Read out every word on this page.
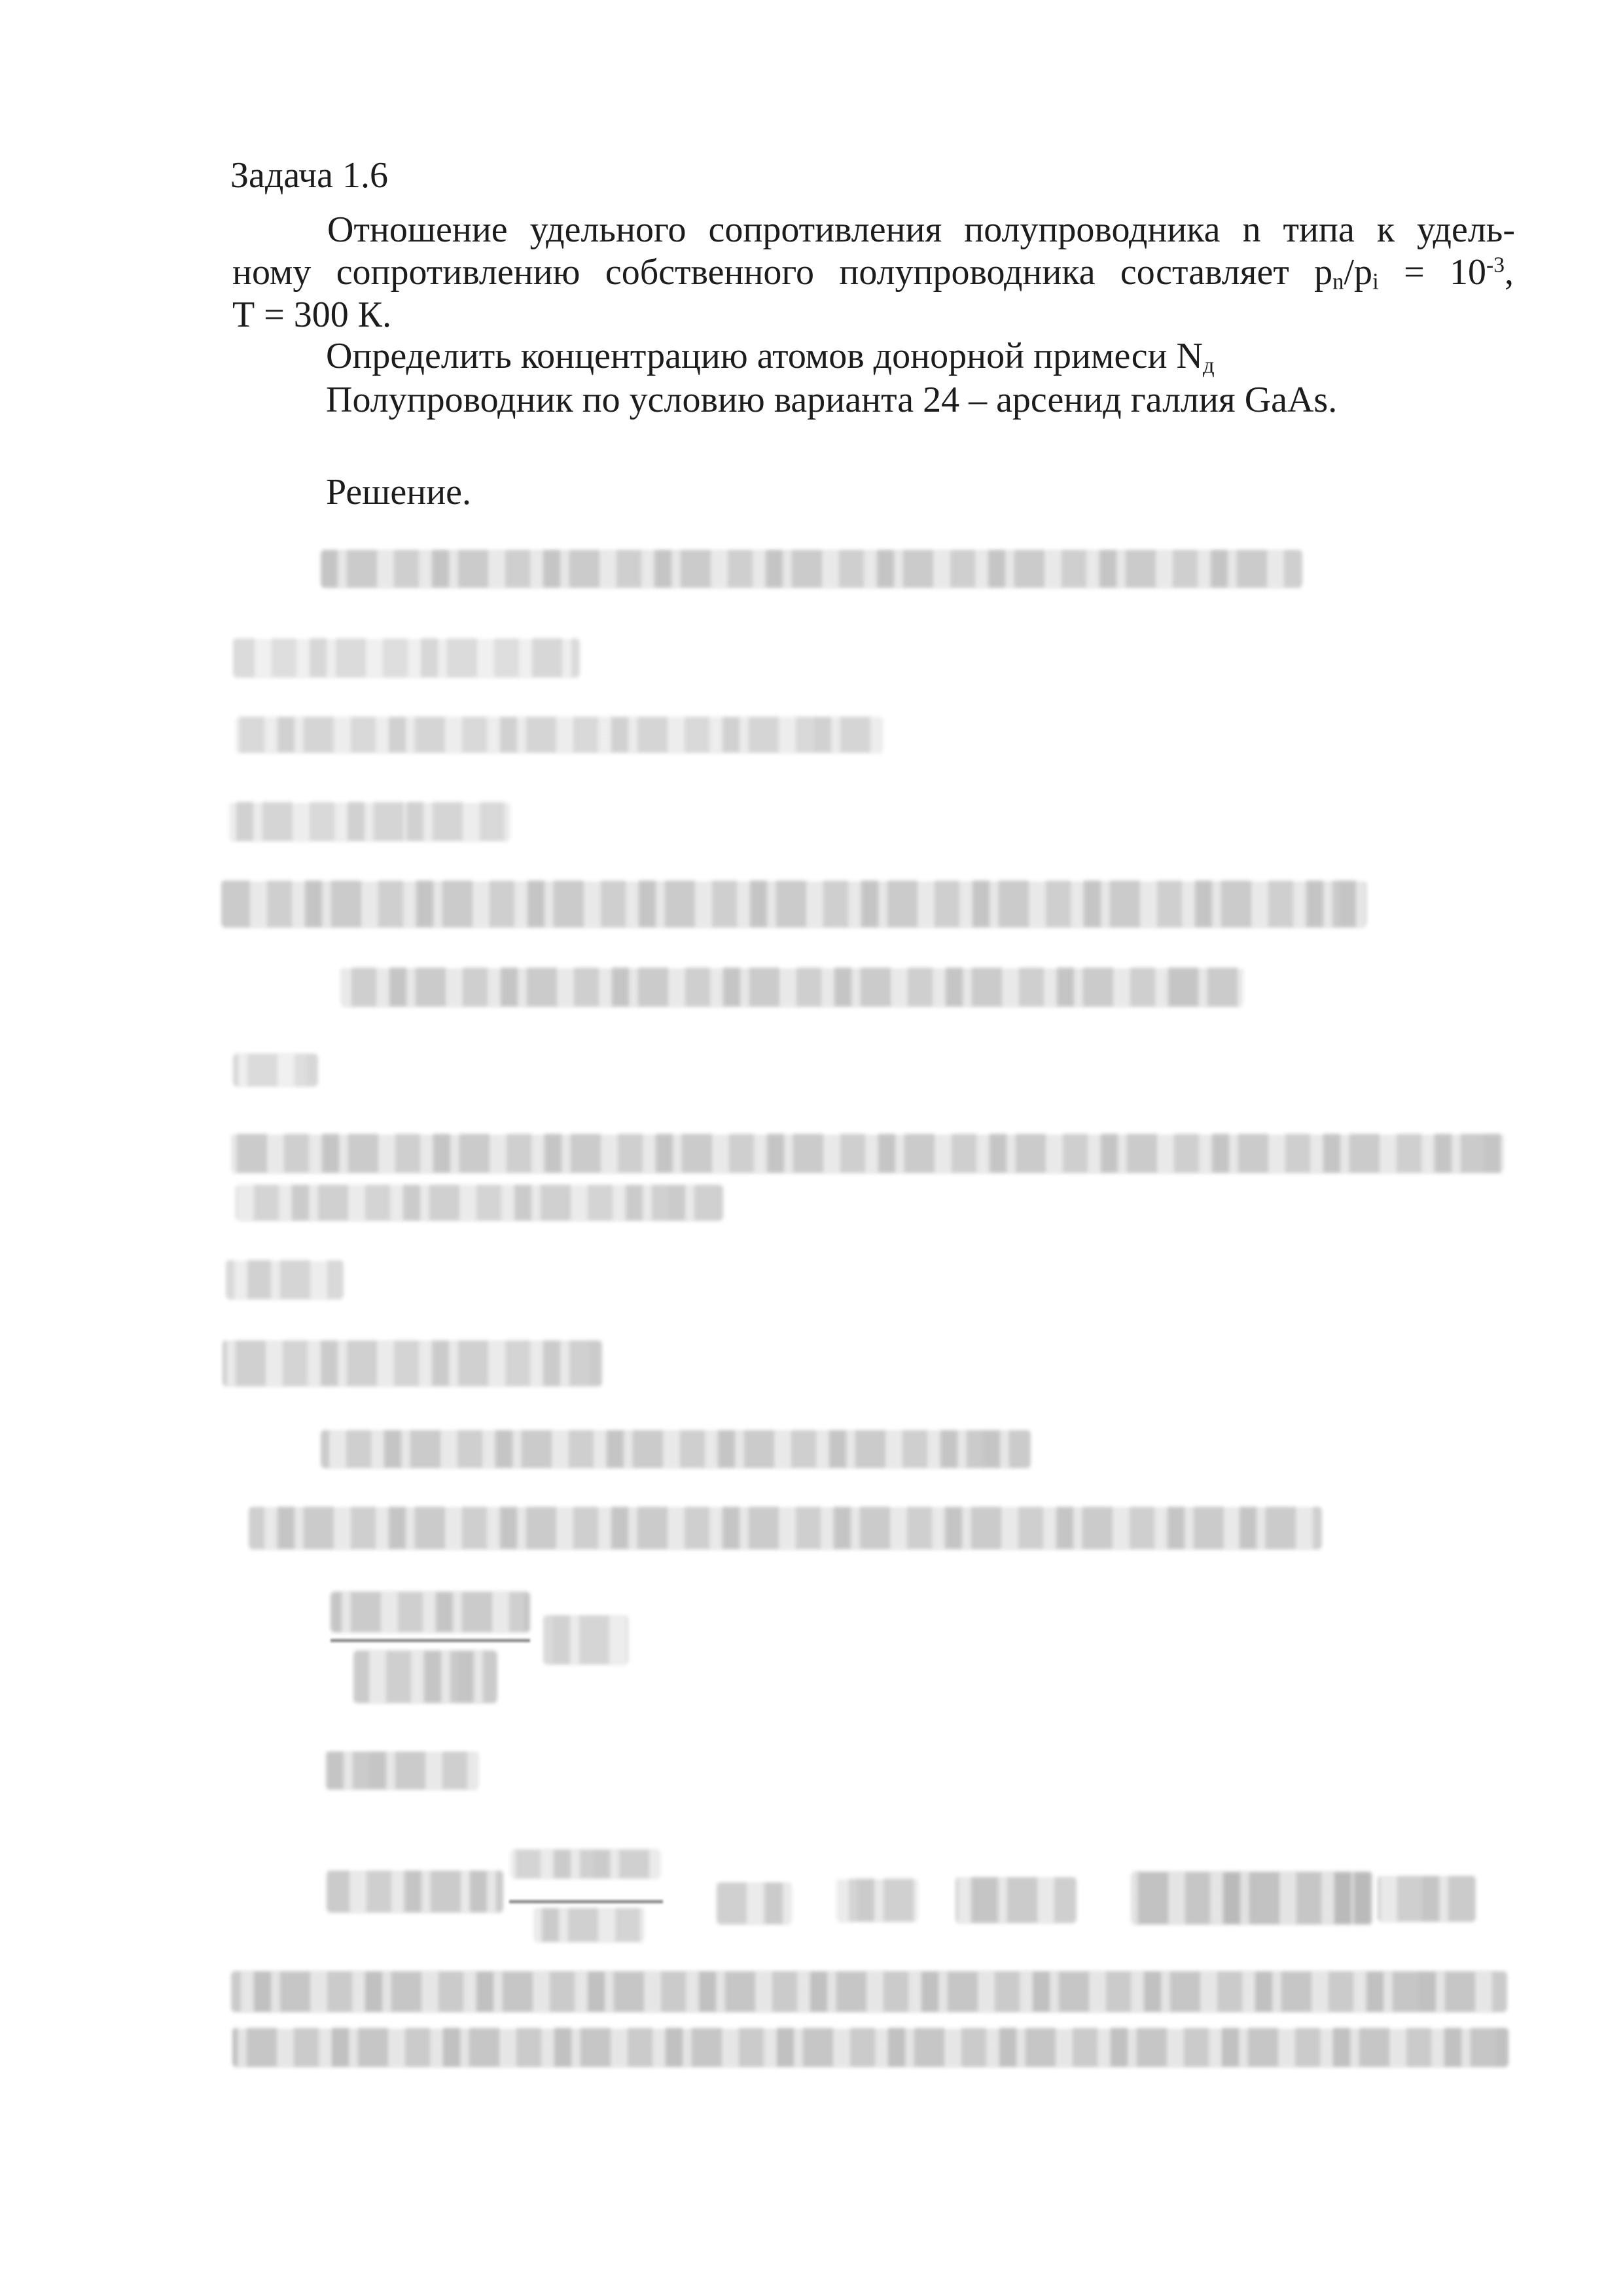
Задача 1.6
Отношение удельного сопротивления полупроводника n типа к удель-
ному сопротивлению собственного полупроводника составляет $p_n/p_i = 10^{-3}$,
Т = 300 К.
Определить концентрацию атомов донорной примеси $N_д$
Полупроводник по условию варианта 24 – арсенид галлия GaAs.
Решение.
